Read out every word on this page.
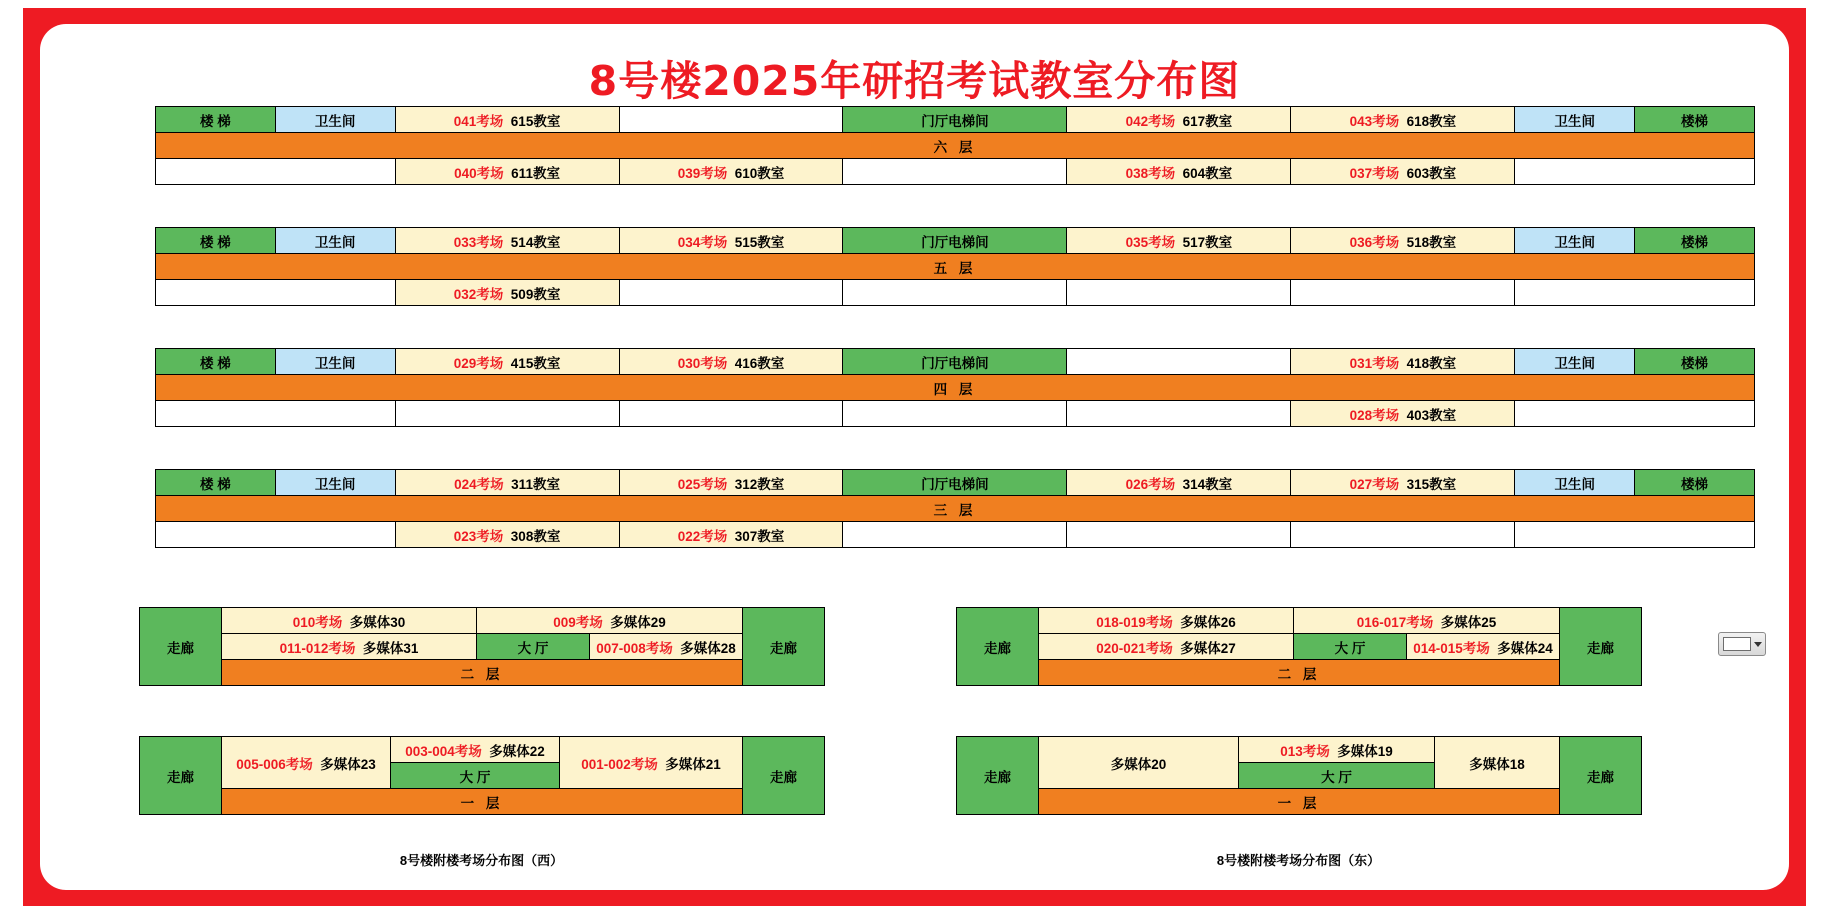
8号楼2025年研招考试教室分布图
楼 梯	卫生间	041考场 615教室		门厅电梯间	042考场 617教室	043考场 618教室	卫生间	楼梯
六 层								
		040考场 611教室	039考场 610教室		038考场 604教室	037考场 603教室		
楼 梯	卫生间	033考场 514教室	034考场 515教室	门厅电梯间	035考场 517教室	036考场 518教室	卫生间	楼梯
五 层								
		032考场 509教室						
楼 梯	卫生间	029考场 415教室	030考场 416教室	门厅电梯间		031考场 418教室	卫生间	楼梯
四 层								
						028考场 403教室		
楼 梯	卫生间	024考场 311教室	025考场 312教室	门厅电梯间	026考场 314教室	027考场 315教室	卫生间	楼梯
三 层								
		023考场 308教室	022考场 307教室					
走廊	010考场 多媒体30	009考场 多媒体29		走廊
	011-012考场 多媒体31	大 厅	007-008考场 多媒体28	
	二 层			
走廊	005-006考场 多媒体23	003-004考场 多媒体22	001-002考场 多媒体21	走廊
大 厅
一 层
8号楼附楼考场分布图（西）
走廊	018-019考场 多媒体26	016-017考场 多媒体25		走廊
	020-021考场 多媒体27	大 厅	014-015考场 多媒体24	
	二 层			
走廊	多媒体20	013考场 多媒体19	多媒体18	走廊
大 厅
一 层
8号楼附楼考场分布图（东）
